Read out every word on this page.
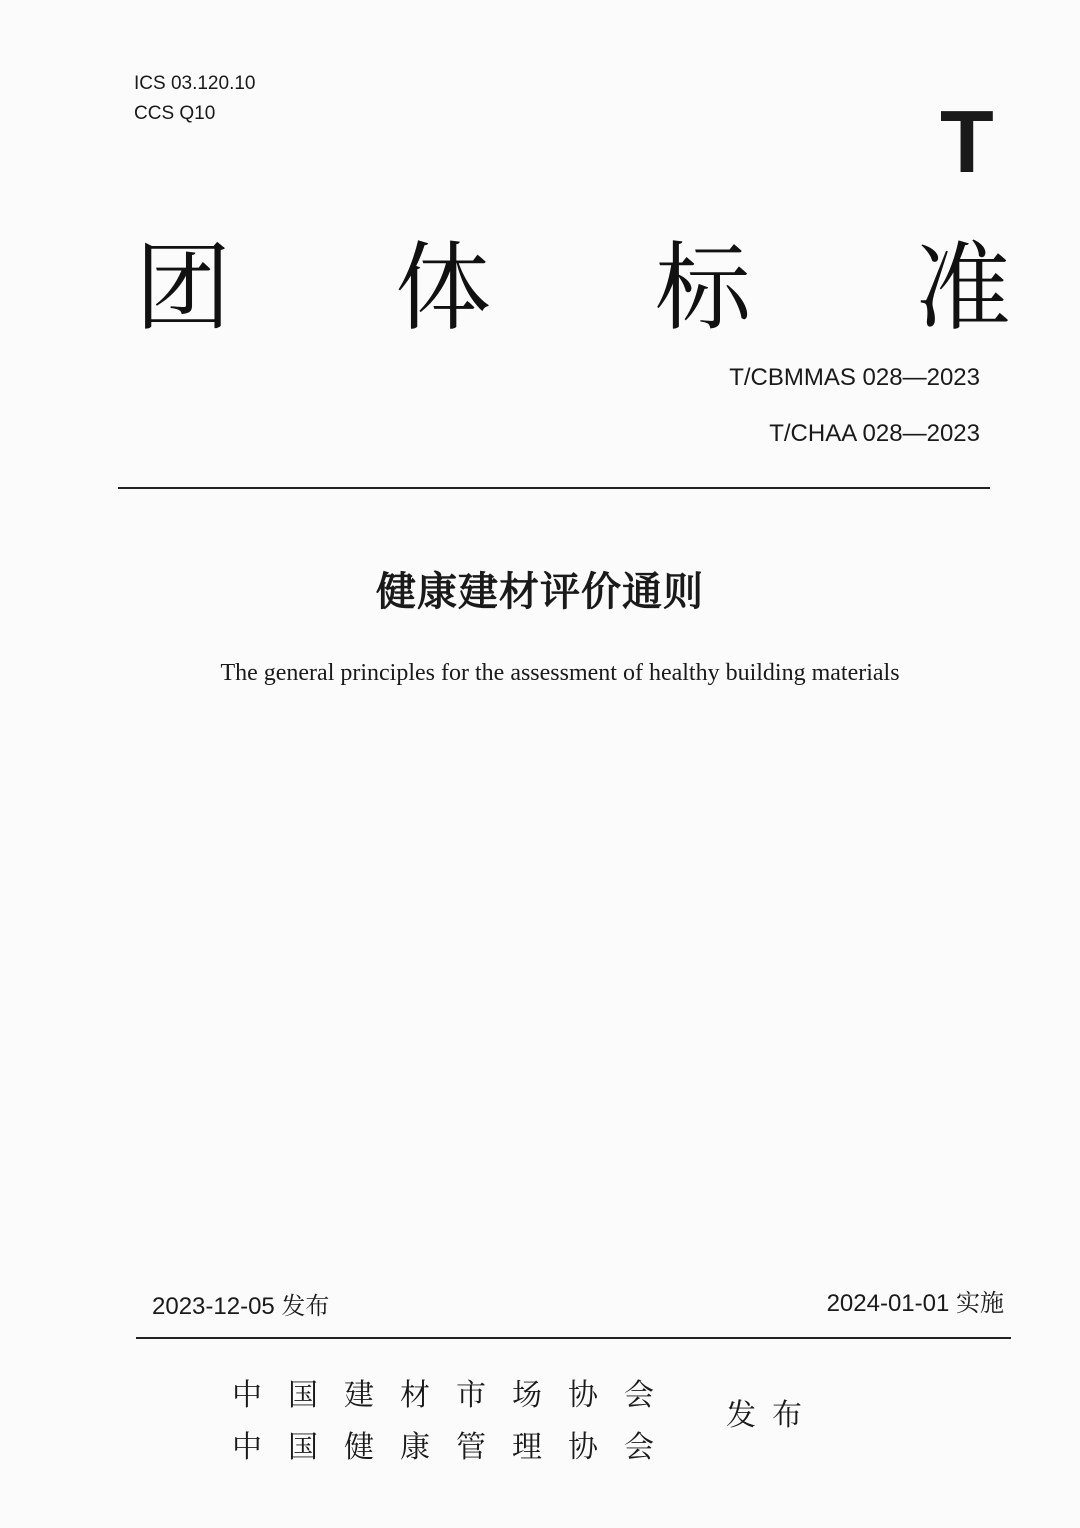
ICS 03.120.10

CCS Q10	T
团 体 标 准

T/CBMMAS 028—2023

T/CHAA 028—2023

健康建材评价通则

The general principles for the assessment of healthy building materials

2023-12-05 发布	2024-01-01 实施

中国建材市场协会
中国健康管理协会
发布
